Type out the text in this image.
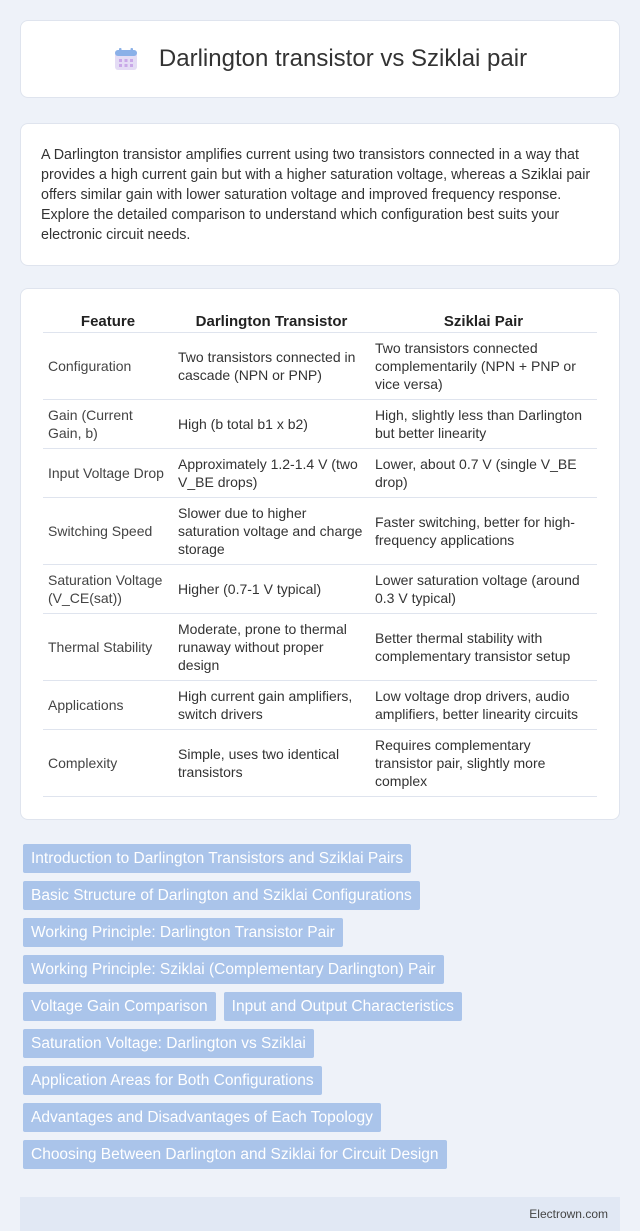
Darlington transistor vs Sziklai pair

A Darlington transistor amplifies current using two transistors connected in a way that provides a high current gain but with a higher saturation voltage, whereas a Sziklai pair offers similar gain with lower saturation voltage and improved frequency response. Explore the detailed comparison to understand which configuration best suits your electronic circuit needs.

Feature	Darlington Transistor	Sziklai Pair
Configuration	Two transistors connected in cascade (NPN or PNP)	Two transistors connected complementarily (NPN + PNP or vice versa)
Gain (Current Gain, b)	High (b total b1 x b2)	High, slightly less than Darlington but better linearity
Input Voltage Drop	Approximately 1.2-1.4 V (two V_BE drops)	Lower, about 0.7 V (single V_BE drop)
Switching Speed	Slower due to higher saturation voltage and charge storage	Faster switching, better for high-frequency applications
Saturation Voltage (V_CE(sat))	Higher (0.7-1 V typical)	Lower saturation voltage (around 0.3 V typical)
Thermal Stability	Moderate, prone to thermal runaway without proper design	Better thermal stability with complementary transistor setup
Applications	High current gain amplifiers, switch drivers	Low voltage drop drivers, audio amplifiers, better linearity circuits
Complexity	Simple, uses two identical transistors	Requires complementary transistor pair, slightly more complex
Introduction to Darlington Transistors and Sziklai Pairs
Basic Structure of Darlington and Sziklai Configurations
Working Principle: Darlington Transistor Pair
Working Principle: Sziklai (Complementary Darlington) Pair
Voltage Gain Comparison	Input and Output Characteristics
Saturation Voltage: Darlington vs Sziklai
Application Areas for Both Configurations
Advantages and Disadvantages of Each Topology
Choosing Between Darlington and Sziklai for Circuit Design
Electrown.com
